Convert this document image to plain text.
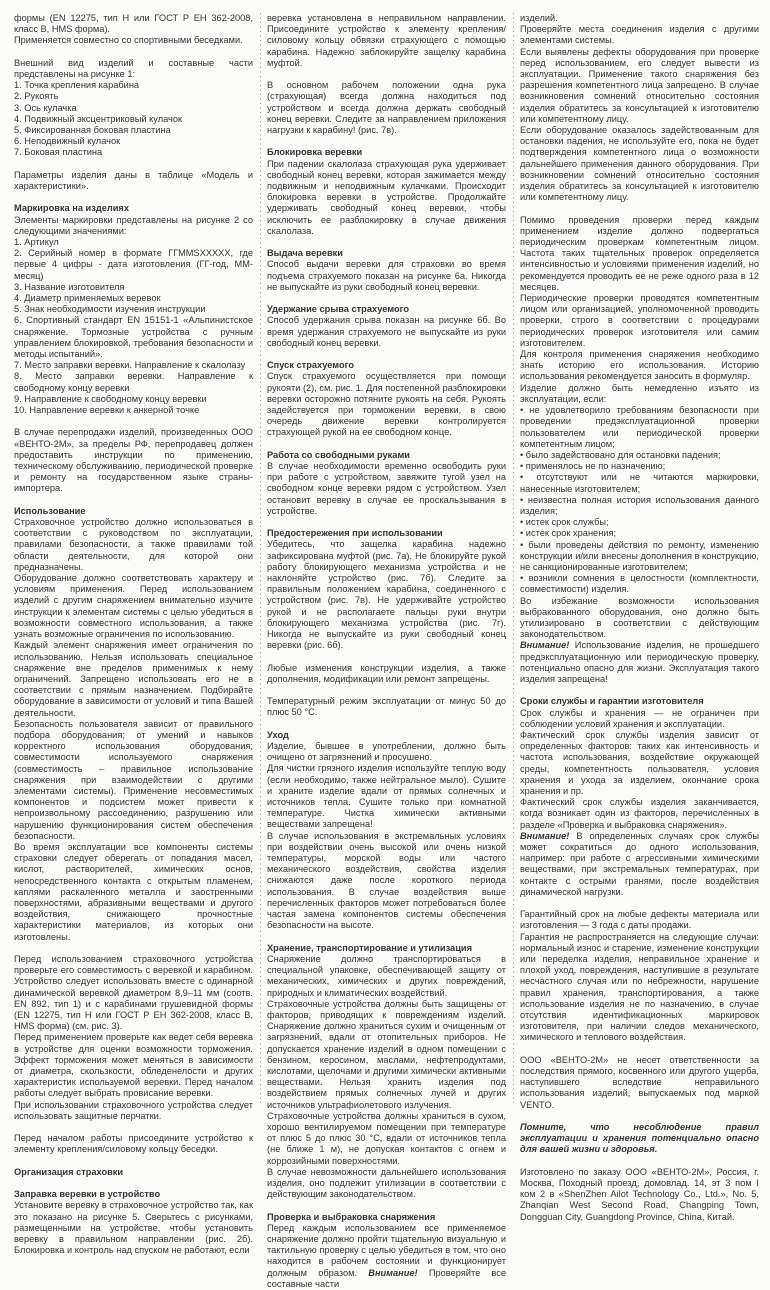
формы (EN 12275, тип H или ГОСТ Р ЕН 362-2008, класс В, HMS форма).

Применяется совместно со спортивными беседками.

Внешний вид изделий и составные части представлены на рисунке 1:

1. Точка крепления карабина

2. Рукоять

3. Ось кулачка

4. Подвижный эксцентриковый кулачок

5. Фиксированная боковая пластина

6. Неподвижный кулачок

7. Боковая пластина

Параметры изделия даны в таблице «Модель и характеристики».

Маркировка на изделиях

Элементы маркировки представлены на рисунке 2 со следующими значениями:

1. Артикул

2. Серийный номер в формате ГГММSXXXXX, где первые 4 цифры - дата изготовления (ГГ-год, ММ-месяц)

3. Название изготовителя

4. Диаметр применяемых веревок

5. Знак необходимости изучения инструкции

6. Спортивный стандарт EN 15151-1 «Альпинистское снаряжение. Тормозные устройства с ручным управлением блокировкой, требования безопасности и методы испытаний».

7. Место заправки веревки. Направление к скалолазу

8. Место заправки веревки. Направление к свободному концу веревки

9. Направление к свободному концу веревки

10. Направление веревки к анкерной точке

В случае перепродажи изделий, произведенных ООО «ВЕНТО-2М», за пределы РФ, перепродавец должен предоставить инструкции по применению, техническому обслуживанию, периодической проверке и ремонту на государственном языке страны-импортера.

Использование

Страховочное устройство должно использоваться в соответствии с руководством по эксплуатации, правилами безопасности, а также правилами той области деятельности, для которой они предназначены.

Оборудование должно соответствовать характеру и условиям применения. Перед использованием изделий с другим снаряжением внимательно изучите инструкции к элементам системы с целью убедиться в возможности совместного использования, а также узнать возможные ограничения по использованию.

Каждый элемент снаряжения имеет ограничения по использованию. Нельзя использовать специальное снаряжение вне пределов применимых к нему ограничений. Запрещено использовать его не в соответствии с прямым назначением. Подбирайте оборудование в зависимости от условий и типа Вашей деятельности.

Безопасность пользователя зависит от правильного подбора оборудования; от умений и навыков корректного использования оборудования; совместимости используемого снаряжения (совместимость – правильное использование снаряжения при взаимодействии с другими элементами системы). Применение несовместимых компонентов и подсистем может привести к непроизвольному рассоединению, разрушению или нарушению функционирования систем обеспечения безопасности.

Во время эксплуатации все компоненты системы страховки следует оберегать от попадания масел, кислот, растворителей, химических основ, непосредственного контакта с открытым пламенем, каплями раскаленного металла и заостренными поверхностями, абразивными веществами и другого воздействия, снижающего прочностные характеристики материалов, из которых они изготовлены.

Перед использованием страховочного устройства проверьте его совместимость с веревкой и карабином. Устройство следует использовать вместе с одинарной динамической веревкой диаметром 8,9–11 мм (соотв. EN 892, тип 1) и с карабинами грушевидной формы (EN 12275, тип H или ГОСТ Р ЕН 362-2008, класс В, HMS форма) (см. рис. 3).

Перед применением проверьте как ведет себя веревка в устройстве для оценки возможности торможения. Эффект торможения может меняться в зависимости от диаметра, скользкости, обледенелости и других характеристик используемой веревки. Перед началом работы следует выбрать провисание веревки.

При использовании страховочного устройства следует использовать защитные перчатки.

Перед началом работы присоедините устройство к элементу крепления/силовому кольцу беседки.

Организация страховки

Заправка веревки в устройство

Установите веревку в страховочное устройство так, как это показано на рисунке 5. Сверьтесь с рисунками, размещенными на устройстве, чтобы установить веревку в правильном направлении (рис. 2б). Блокировка и контроль над спуском не работают, если

веревка установлена в неправильном направлении. Присоедините устройство к элементу крепления/силовому кольцу обвязки страхующего с помощью карабина. Надежно заблокируйте защелку карабина муфтой.

В основном рабочем положении одна рука (страхующая) всегда должна находиться под устройством и всегда должна держать свободный конец веревки. Следите за направлением приложения нагрузки к карабину! (рис. 7в).

Блокировка веревки

При падении скалолаза страхующая рука удерживает свободный конец веревки, которая зажимается между подвижным и неподвижным кулачками. Происходит блокировка веревки в устройстве. Продолжайте удерживать свободный конец веревки, чтобы исключить ее разблокировку в случае движения скалолаза.

Выдача веревки

Способ выдачи веревки для страховки во время подъема страхуемого показан на рисунке 6а. Никогда не выпускайте из руки свободный конец веревки.

Удержание срыва страхуемого

Способ удержания срыва показан на рисунке 6б. Во время удержания страхуемого не выпускайте из руки свободный конец веревки.

Спуск страхуемого

Спуск страхуемого осуществляется при помощи рукояти (2), см. рис. 1. Для постепенной разблокировки веревки осторожно потяните рукоять на себя. Рукоять задействуется при торможении веревки, в свою очередь движение веревки контролируется страхующей рукой на ее свободном конце.

Работа со свободными руками

В случае необходимости временно освободить руки при работе с устройством, завяжите тугой узел на свободном конце веревки рядом с устройством. Узел остановит веревку в случае ее проскальзывания в устройстве.

Предостережения при использовании

Убедитесь, что защелка карабина надежно зафиксирована муфтой (рис. 7а). Не блокируйте рукой работу блокирующего механизма устройства и не наклоняйте устройство (рис. 7б). Следите за правильным положением карабина, соединенного с устройством (рис. 7в). Не удерживайте устройство рукой и не располагаете пальцы руки внутри блокирующего механизма устройства (рис. 7г). Никогда не выпускайте из руки свободный конец веревки (рис. 6б).

Любые изменения конструкции изделия, а также дополнения, модификации или ремонт запрещены.

Температурный режим эксплуатации от минус 50 до плюс 50 °C.

Уход

Изделие, бывшее в употреблении, должно быть очищено от загрязнений и просушено.

Для чистки грязного изделия используйте теплую воду (если необходимо, также нейтральное мыло). Сушите и храните изделие вдали от прямых солнечных и источников тепла. Сушите только при комнатной температуре. Чистка химически активными веществами запрещена!

В случае использования в экстремальных условиях при воздействии очень высокой или очень низкой температуры, морской воды или частого механического воздействия, свойства изделия снижаются даже после короткого периода использования. В случае воздействия выше перечисленных факторов может потребоваться более частая замена компонентов системы обеспечения безопасности на высоте.

Хранение, транспортирование и утилизация

Снаряжение должно транспортироваться в специальной упаковке, обеспечивающей защиту от механических, химических и других повреждений, природных и климатических воздействий.

Страховочные устройства должны быть защищены от факторов, приводящих к повреждениям изделий. Снаряжение должно храниться сухим и очищенным от загрязнений, вдали от отопительных приборов. Не допускается хранение изделий в одном помещении с бензином, керосином, маслами, нефтепродуктами, кислотами, щелочами и другими химически активными веществами. Нельзя хранить изделия под воздействием прямых солнечных лучей и других источников ультрафиолетового излучения.

Страховочные устройства должны храниться в сухом, хорошо вентилируемом помещении при температуре от плюс 5 до плюс 30 °C, вдали от источников тепла (не ближе 1 м), не допуская контактов с огнем и коррозийными поверхностями.

В случае невозможности дальнейшего использования изделия, оно подлежит утилизации в соответствии с действующим законодательством.

Проверка и выбраковка снаряжения

Перед каждым использованием все применяемое снаряжение должно пройти тщательную визуальную и тактильную проверку с целью убедиться в том, что оно находится в рабочем состоянии и функционирует должным образом. Внимание! Проверяйте все составные части

изделий.

Проверяйте места соединения изделия с другими элементами системы.

Если выявлены дефекты оборудования при проверке перед использованием, его следует вывести из эксплуатации. Применение такого снаряжения без разрешения компетентного лица запрещено. В случае возникновения сомнений относительно состояния изделия обратитесь за консультацией к изготовителю или компетентному лицу.

Если оборудование оказалось задействованным для остановки падения, не используйте его, пока не будет подтверждения компетентного лица о возможности дальнейшего применения данного оборудования. При возникновении сомнений относительно состояния изделия обратитесь за консультацией к изготовителю или компетентному лицу.

Помимо проведения проверки перед каждым применением изделие должно подвергаться периодическим проверкам компетентным лицом. Частота таких тщательных проверок определяется интенсивностью и условиями применения изделий, но рекомендуется проводить ее не реже одного раза в 12 месяцев.

Периодические проверки проводятся компетентным лицом или организацией, уполномоченной проводить проверки, строго в соответствии с процедурами периодических проверок изготовителя или самим изготовителем.

Для контроля применения снаряжения необходимо знать историю его использования. Историю использования рекомендуется заносить в формуляр.

Изделие должно быть немедленно изъято из эксплуатации, если:

• не удовлетворило требованиям безопасности при проведении предэксплуатационной проверки пользователем или периодической проверки компетентным лицом;

• было задействовано для остановки падения;

• применялось не по назначению;

• отсутствуют или не читаются маркировки, нанесенные изготовителем;

• неизвестна полная история использования данного изделия;

• истек срок службы;

• истек срок хранения;

• были проведены действия по ремонту, изменению конструкции и/или внесены дополнения в конструкцию, не санкционированные изготовителем;

• возникли сомнения в целостности (комплектности, совместимости) изделия.

Во избежание возможности использования выбракованного оборудования, оно должно быть утилизировано в соответствии с действующим законодательством.

Внимание! Использование изделия, не прошедшего предэксплуатационную или периодическую проверку, потенциально опасно для жизни. Эксплуатация такого изделия запрещена!

Сроки службы и гарантии изготовителя

Срок службы и хранения — не ограничен при соблюдении условий хранения и эксплуатации.

Фактический срок службы изделия зависит от определенных факторов: таких как интенсивность и частота использования, воздействие окружающей среды, компетентность пользователя, условия хранения и ухода за изделием, окончание срока хранения и пр.

Фактический срок службы изделия заканчивается, когда возникает один из факторов, перечисленных в разделе «Проверка и выбраковка снаряжения».

Внимание! В определенных случаях срок службы может сократиться до одного использования, например: при работе с агрессивными химическими веществами, при экстремальных температурах, при контакте с острыми гранями, после воздействия динамической нагрузки.

Гарантийный срок на любые дефекты материала или изготовления — 3 года с даты продажи.

Гарантия не распространяется на следующие случаи: нормальный износ и старение, изменение конструкции или переделка изделия, неправильное хранение и плохой уход, повреждения, наступившие в результате несчастного случая или по небрежности, нарушение правил хранения, транспортирования, а также использование изделия не по назначению, в случае отсутствия идентификационных маркировок изготовителя, при наличии следов механического, химического и теплового воздействия.

ООО «ВЕНТО-2М» не несет ответственности за последствия прямого, косвенного или другого ущерба, наступившего вследствие неправильного использования изделий, выпускаемых под маркой VENTO.

Помните, что несоблюдение правил эксплуатации и хранения потенциально опасно для вашей жизни и здоровья.

Изготовлено по заказу ООО «ВЕНТО-2М», Россия, г. Москва, Походный проезд, домовлад. 14, эт 3 пом I ком 2 в «ShenZhen Ailot Technology Co., Ltd.», No. 5, Zhanqian West Second Road, Changping Town, Dongguan City, Guangdong Province, China, Китай.
